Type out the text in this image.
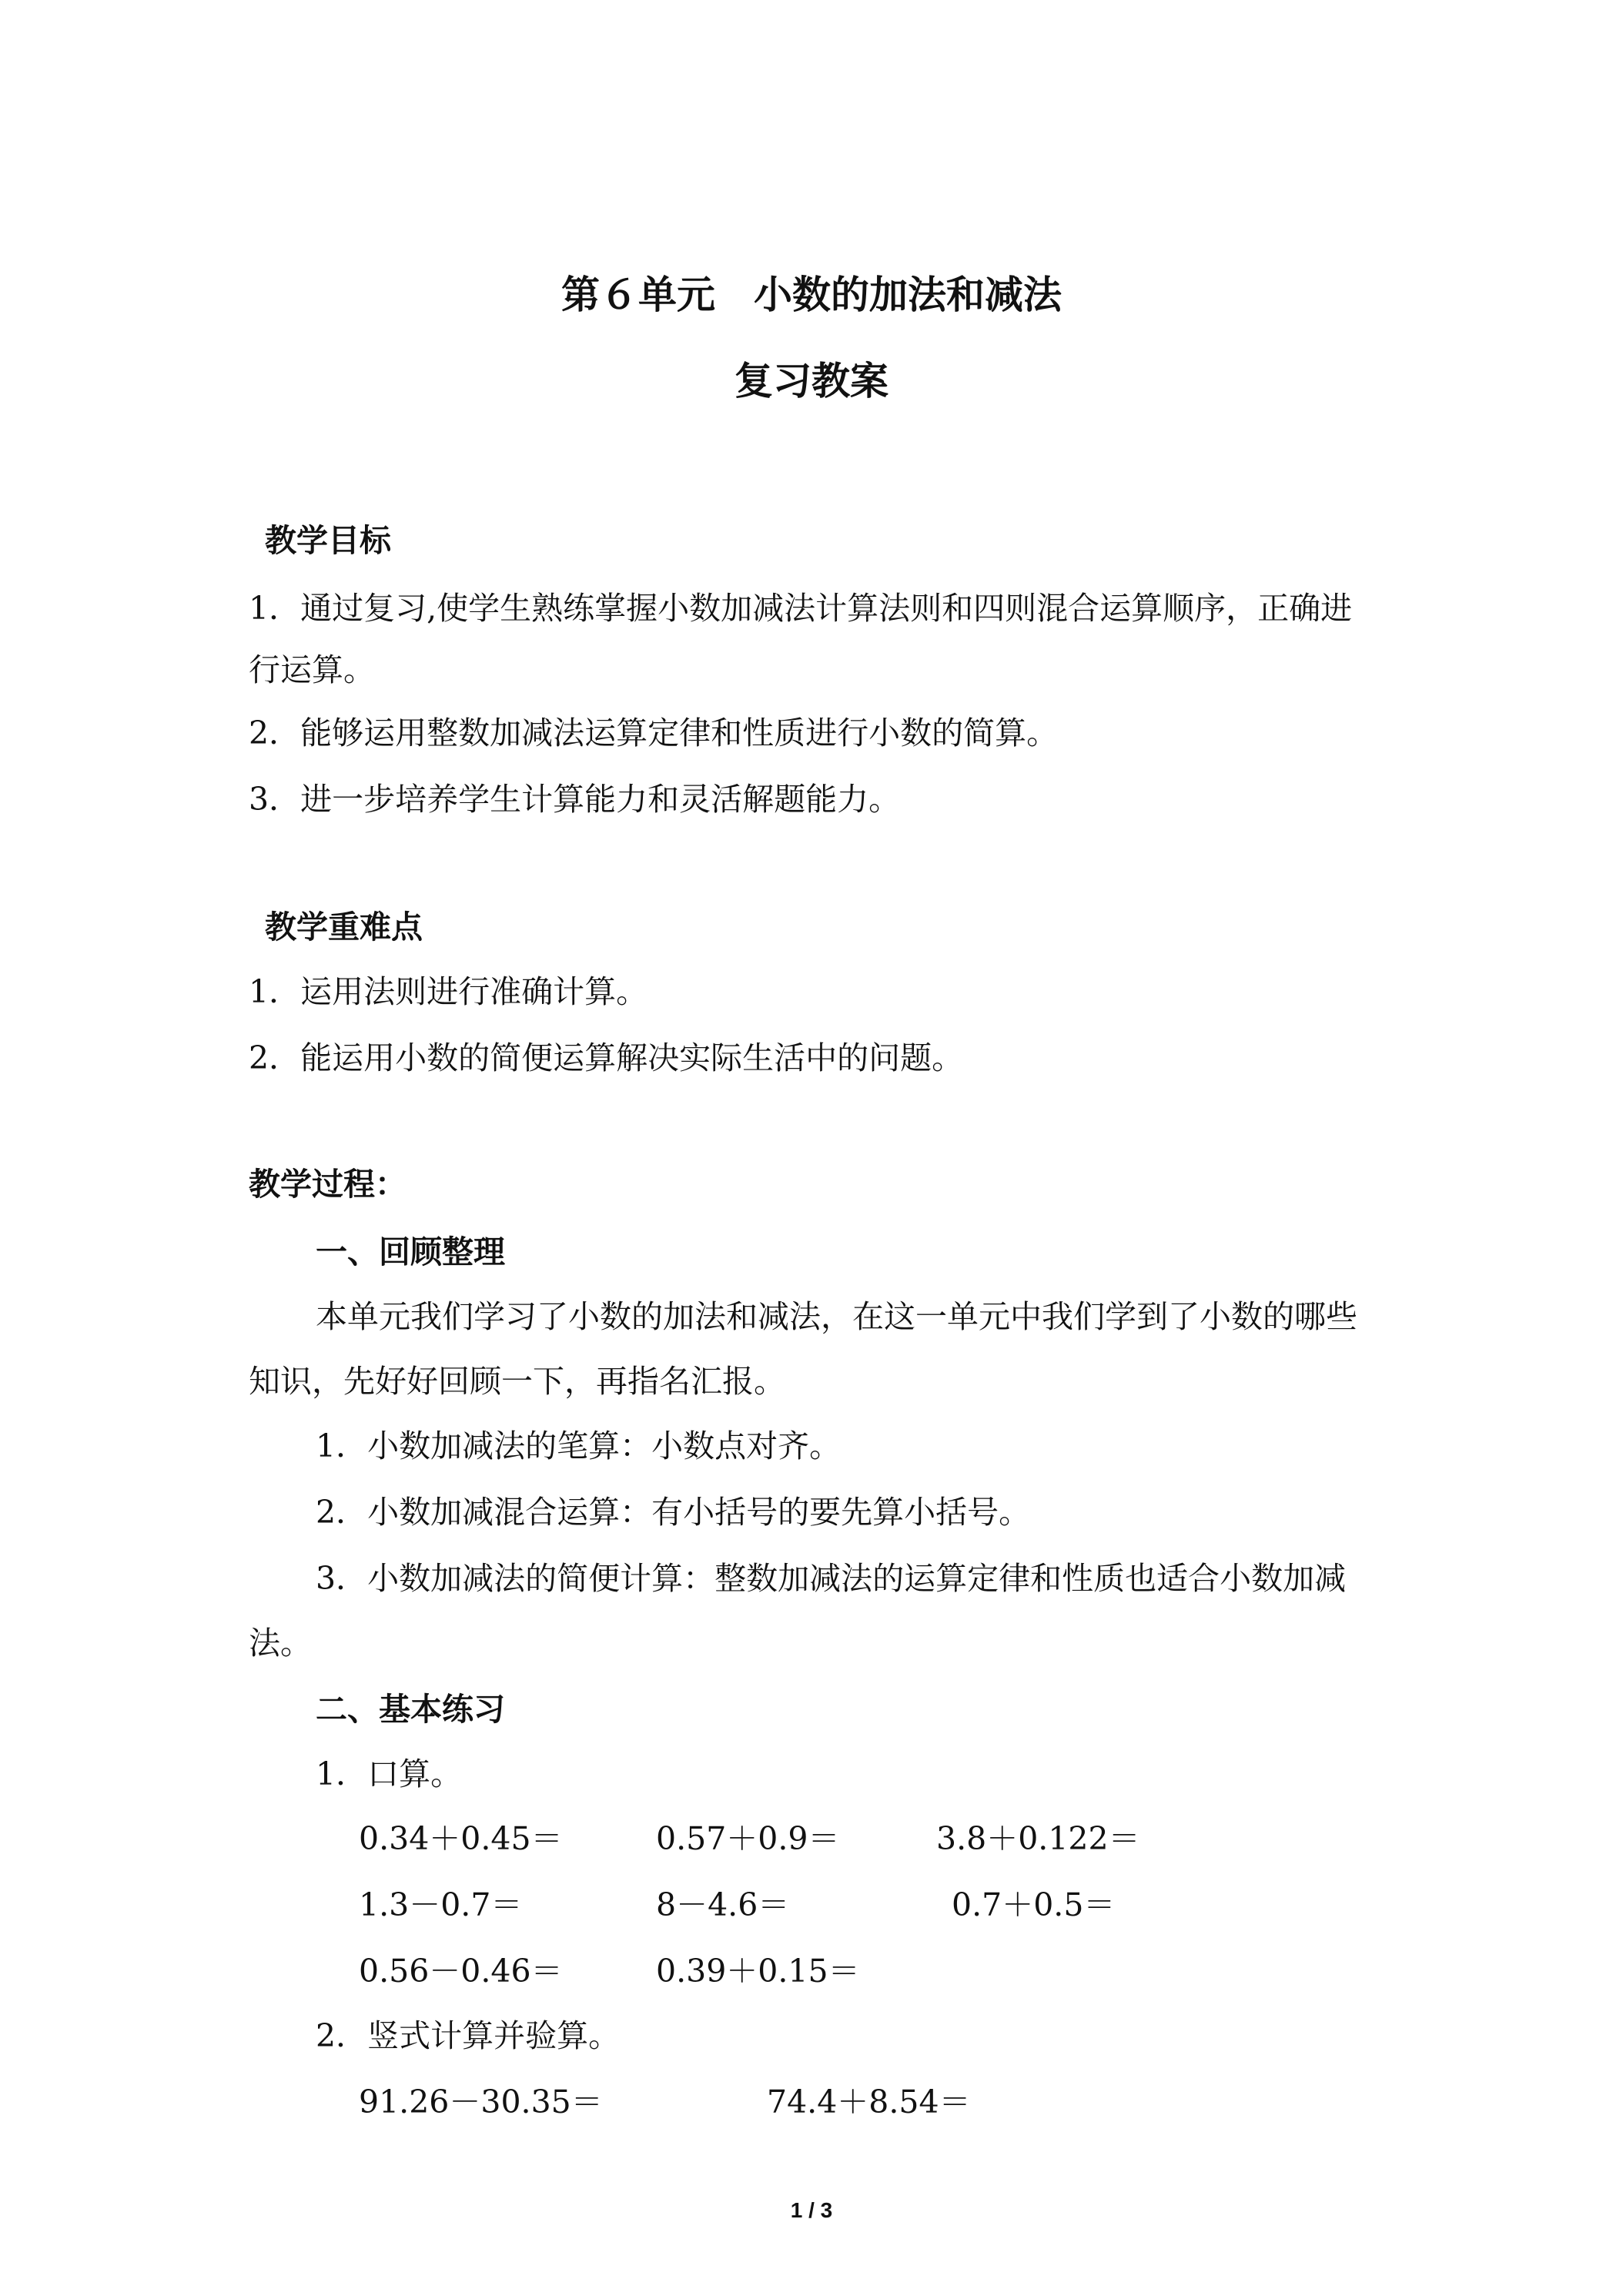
第６单元　小数的加法和减法
复习教案
教学目标
1．通过复习,使学生熟练掌握小数加减法计算法则和四则混合运算顺序，正确进
行运算。
2．能够运用整数加减法运算定律和性质进行小数的简算。
3．进一步培养学生计算能力和灵活解题能力。
教学重难点
1．运用法则进行准确计算。
2．能运用小数的简便运算解决实际生活中的问题。
教学过程：
一、回顾整理
本单元我们学习了小数的加法和减法，在这一单元中我们学到了小数的哪些
知识，先好好回顾一下，再指名汇报。
1．小数加减法的笔算：小数点对齐。
2．小数加减混合运算：有小括号的要先算小括号。
3．小数加减法的简便计算：整数加减法的运算定律和性质也适合小数加减
法。
二、基本练习
1．口算。
0.34＋0.45＝	0.57＋0.9＝	3.8＋0.122＝
1.3－0.7＝	8－4.6＝	0.7＋0.5＝
0.56－0.46＝	0.39＋0.15＝
2．竖式计算并验算。
91.26－30.35＝	74.4＋8.54＝
1 / 3
